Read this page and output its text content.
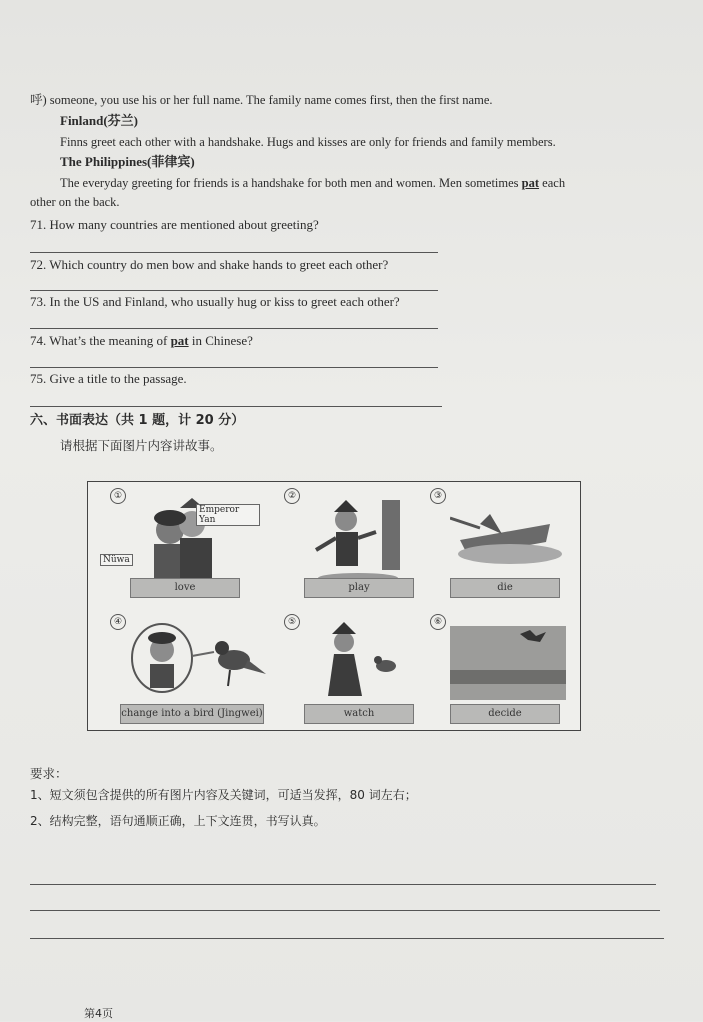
呼) someone, you use his or her full name. The family name comes first, then the first name.
Finland(芬兰)
Finns greet each other with a handshake. Hugs and kisses are only for friends and family members.
The Philippines(菲律宾)
The everyday greeting for friends is a handshake for both men and women. Men sometimes pat each
other on the back.
71. How many countries are mentioned about greeting?
72. Which country do men bow and shake hands to greet each other?
73. In the US and Finland, who usually hug or kiss to greet each other?
74. What’s the meaning of pat in Chinese?
75. Give a title to the passage.
六、书面表达（共 1 题，计 20 分）
请根据下面图片内容讲故事。
①
Emperor Yan
Nüwa
love
②
play
③
die
④
change into a bird (Jingwei)
⑤
watch
⑥
decide
要求：
1、短文须包含提供的所有图片内容及关键词，可适当发挥，80 词左右；
2、结构完整，语句通顺正确，上下文连贯，书写认真。
第4页
